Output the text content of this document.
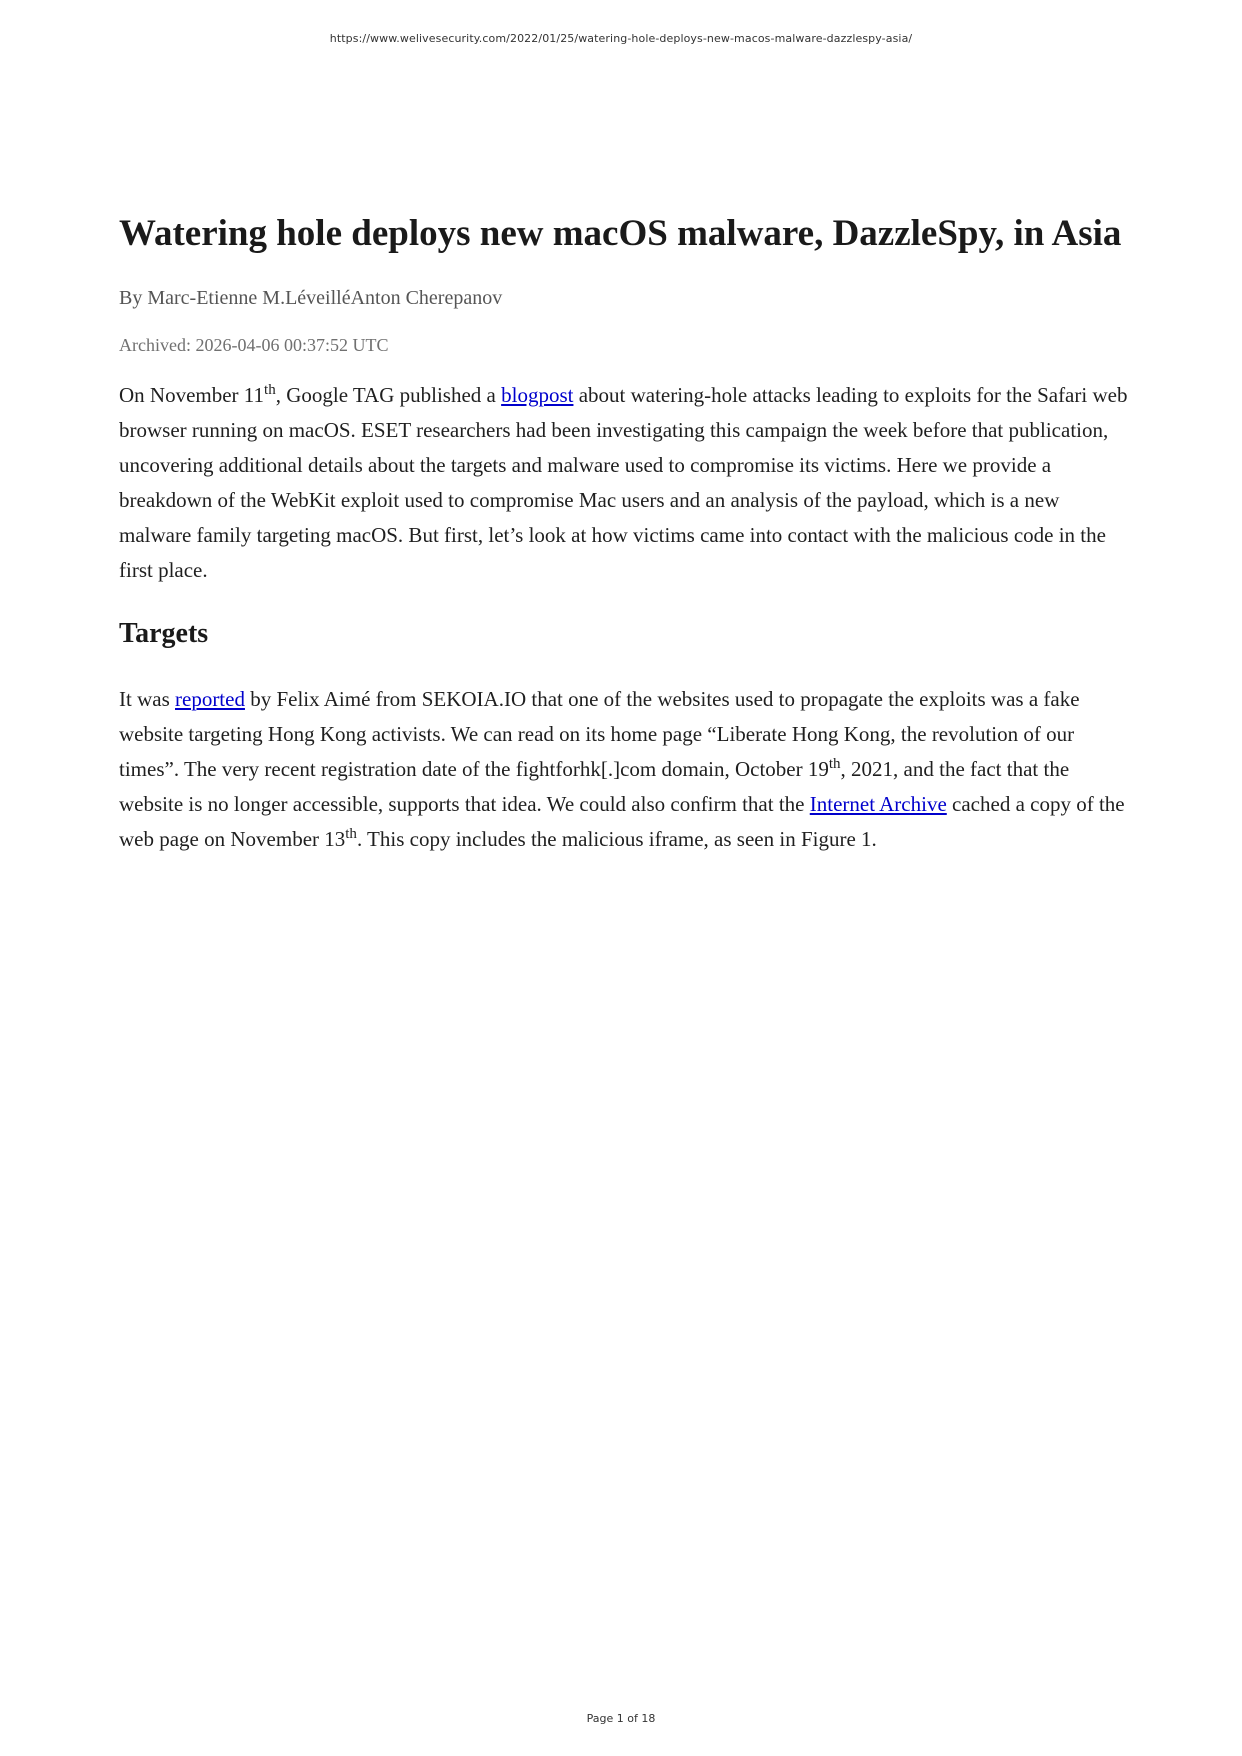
https://www.welivesecurity.com/2022/01/25/watering-hole-deploys-new-macos-malware-dazzlespy-asia/
Watering hole deploys new macOS malware, DazzleSpy, in Asia
By Marc-Etienne M.LéveilléAnton Cherepanov
Archived: 2026-04-06 00:37:52 UTC

On November 11th, Google TAG published a blogpost about watering-hole attacks leading to exploits for the Safari web browser running on macOS. ESET researchers had been investigating this campaign the week before that publication, uncovering additional details about the targets and malware used to compromise its victims. Here we provide a breakdown of the WebKit exploit used to compromise Mac users and an analysis of the payload, which is a new malware family targeting macOS. But first, let’s look at how victims came into contact with the malicious code in the first place.

Targets

It was reported by Felix Aimé from SEKOIA.IO that one of the websites used to propagate the exploits was a fake website targeting Hong Kong activists. We can read on its home page “Liberate Hong Kong, the revolution of our times”. The very recent registration date of the fightforhk[.]com domain, October 19th, 2021, and the fact that the website is no longer accessible, supports that idea. We could also confirm that the Internet Archive cached a copy of the web page on November 13th. This copy includes the malicious iframe, as seen in Figure 1.

Page 1 of 18
